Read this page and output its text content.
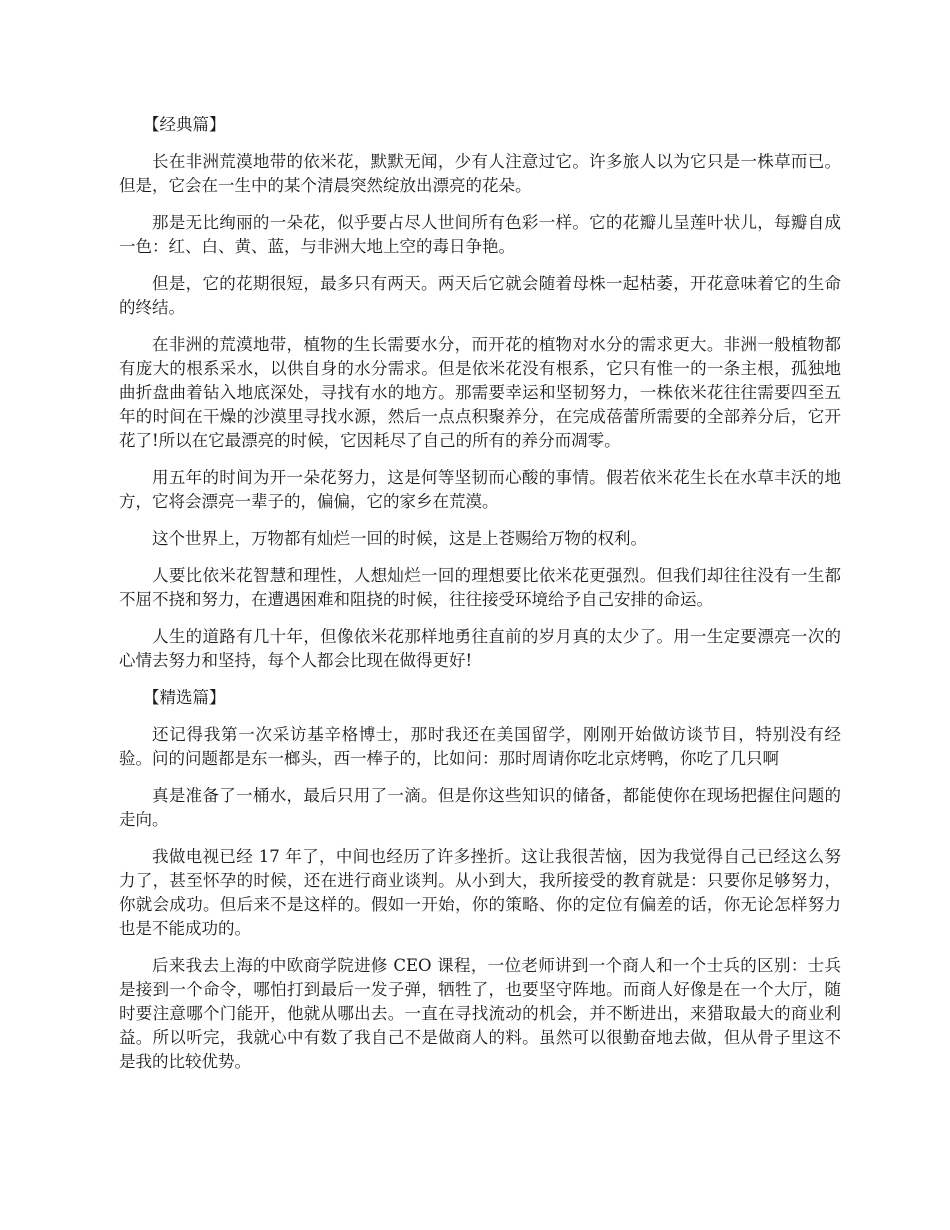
【经典篇】

长在非洲荒漠地带的依米花，默默无闻，少有人注意过它。许多旅人以为它只是一株草而已。但是，它会在一生中的某个清晨突然绽放出漂亮的花朵。

那是无比绚丽的一朵花，似乎要占尽人世间所有色彩一样。它的花瓣儿呈莲叶状儿，每瓣自成一色：红、白、黄、蓝，与非洲大地上空的毒日争艳。

但是，它的花期很短，最多只有两天。两天后它就会随着母株一起枯萎，开花意味着它的生命的终结。

在非洲的荒漠地带，植物的生长需要水分，而开花的植物对水分的需求更大。非洲一般植物都有庞大的根系采水，以供自身的水分需求。但是依米花没有根系，它只有惟一的一条主根，孤独地曲折盘曲着钻入地底深处，寻找有水的地方。那需要幸运和坚韧努力，一株依米花往往需要四至五年的时间在干燥的沙漠里寻找水源，然后一点点积聚养分，在完成蓓蕾所需要的全部养分后，它开花了!所以在它最漂亮的时候，它因耗尽了自己的所有的养分而凋零。

用五年的时间为开一朵花努力，这是何等坚韧而心酸的事情。假若依米花生长在水草丰沃的地方，它将会漂亮一辈子的，偏偏，它的家乡在荒漠。

这个世界上，万物都有灿烂一回的时候，这是上苍赐给万物的权利。

人要比依米花智慧和理性，人想灿烂一回的理想要比依米花更强烈。但我们却往往没有一生都不屈不挠和努力，在遭遇困难和阻挠的时候，往往接受环境给予自己安排的命运。

人生的道路有几十年，但像依米花那样地勇往直前的岁月真的太少了。用一生定要漂亮一次的心情去努力和坚持，每个人都会比现在做得更好!

【精选篇】

还记得我第一次采访基辛格博士，那时我还在美国留学，刚刚开始做访谈节目，特别没有经验。问的问题都是东一榔头，西一棒子的，比如问：那时周请你吃北京烤鸭，你吃了几只啊

真是准备了一桶水，最后只用了一滴。但是你这些知识的储备，都能使你在现场把握住问题的走向。

我做电视已经 17 年了，中间也经历了许多挫折。这让我很苦恼，因为我觉得自己已经这么努力了，甚至怀孕的时候，还在进行商业谈判。从小到大，我所接受的教育就是：只要你足够努力，你就会成功。但后来不是这样的。假如一开始，你的策略、你的定位有偏差的话，你无论怎样努力也是不能成功的。

后来我去上海的中欧商学院进修 CEO 课程，一位老师讲到一个商人和一个士兵的区别：士兵是接到一个命令，哪怕打到最后一发子弹，牺牲了，也要坚守阵地。而商人好像是在一个大厅，随时要注意哪个门能开，他就从哪出去。一直在寻找流动的机会，并不断进出，来猎取最大的商业利益。所以听完，我就心中有数了我自己不是做商人的料。虽然可以很勤奋地去做，但从骨子里这不是我的比较优势。
